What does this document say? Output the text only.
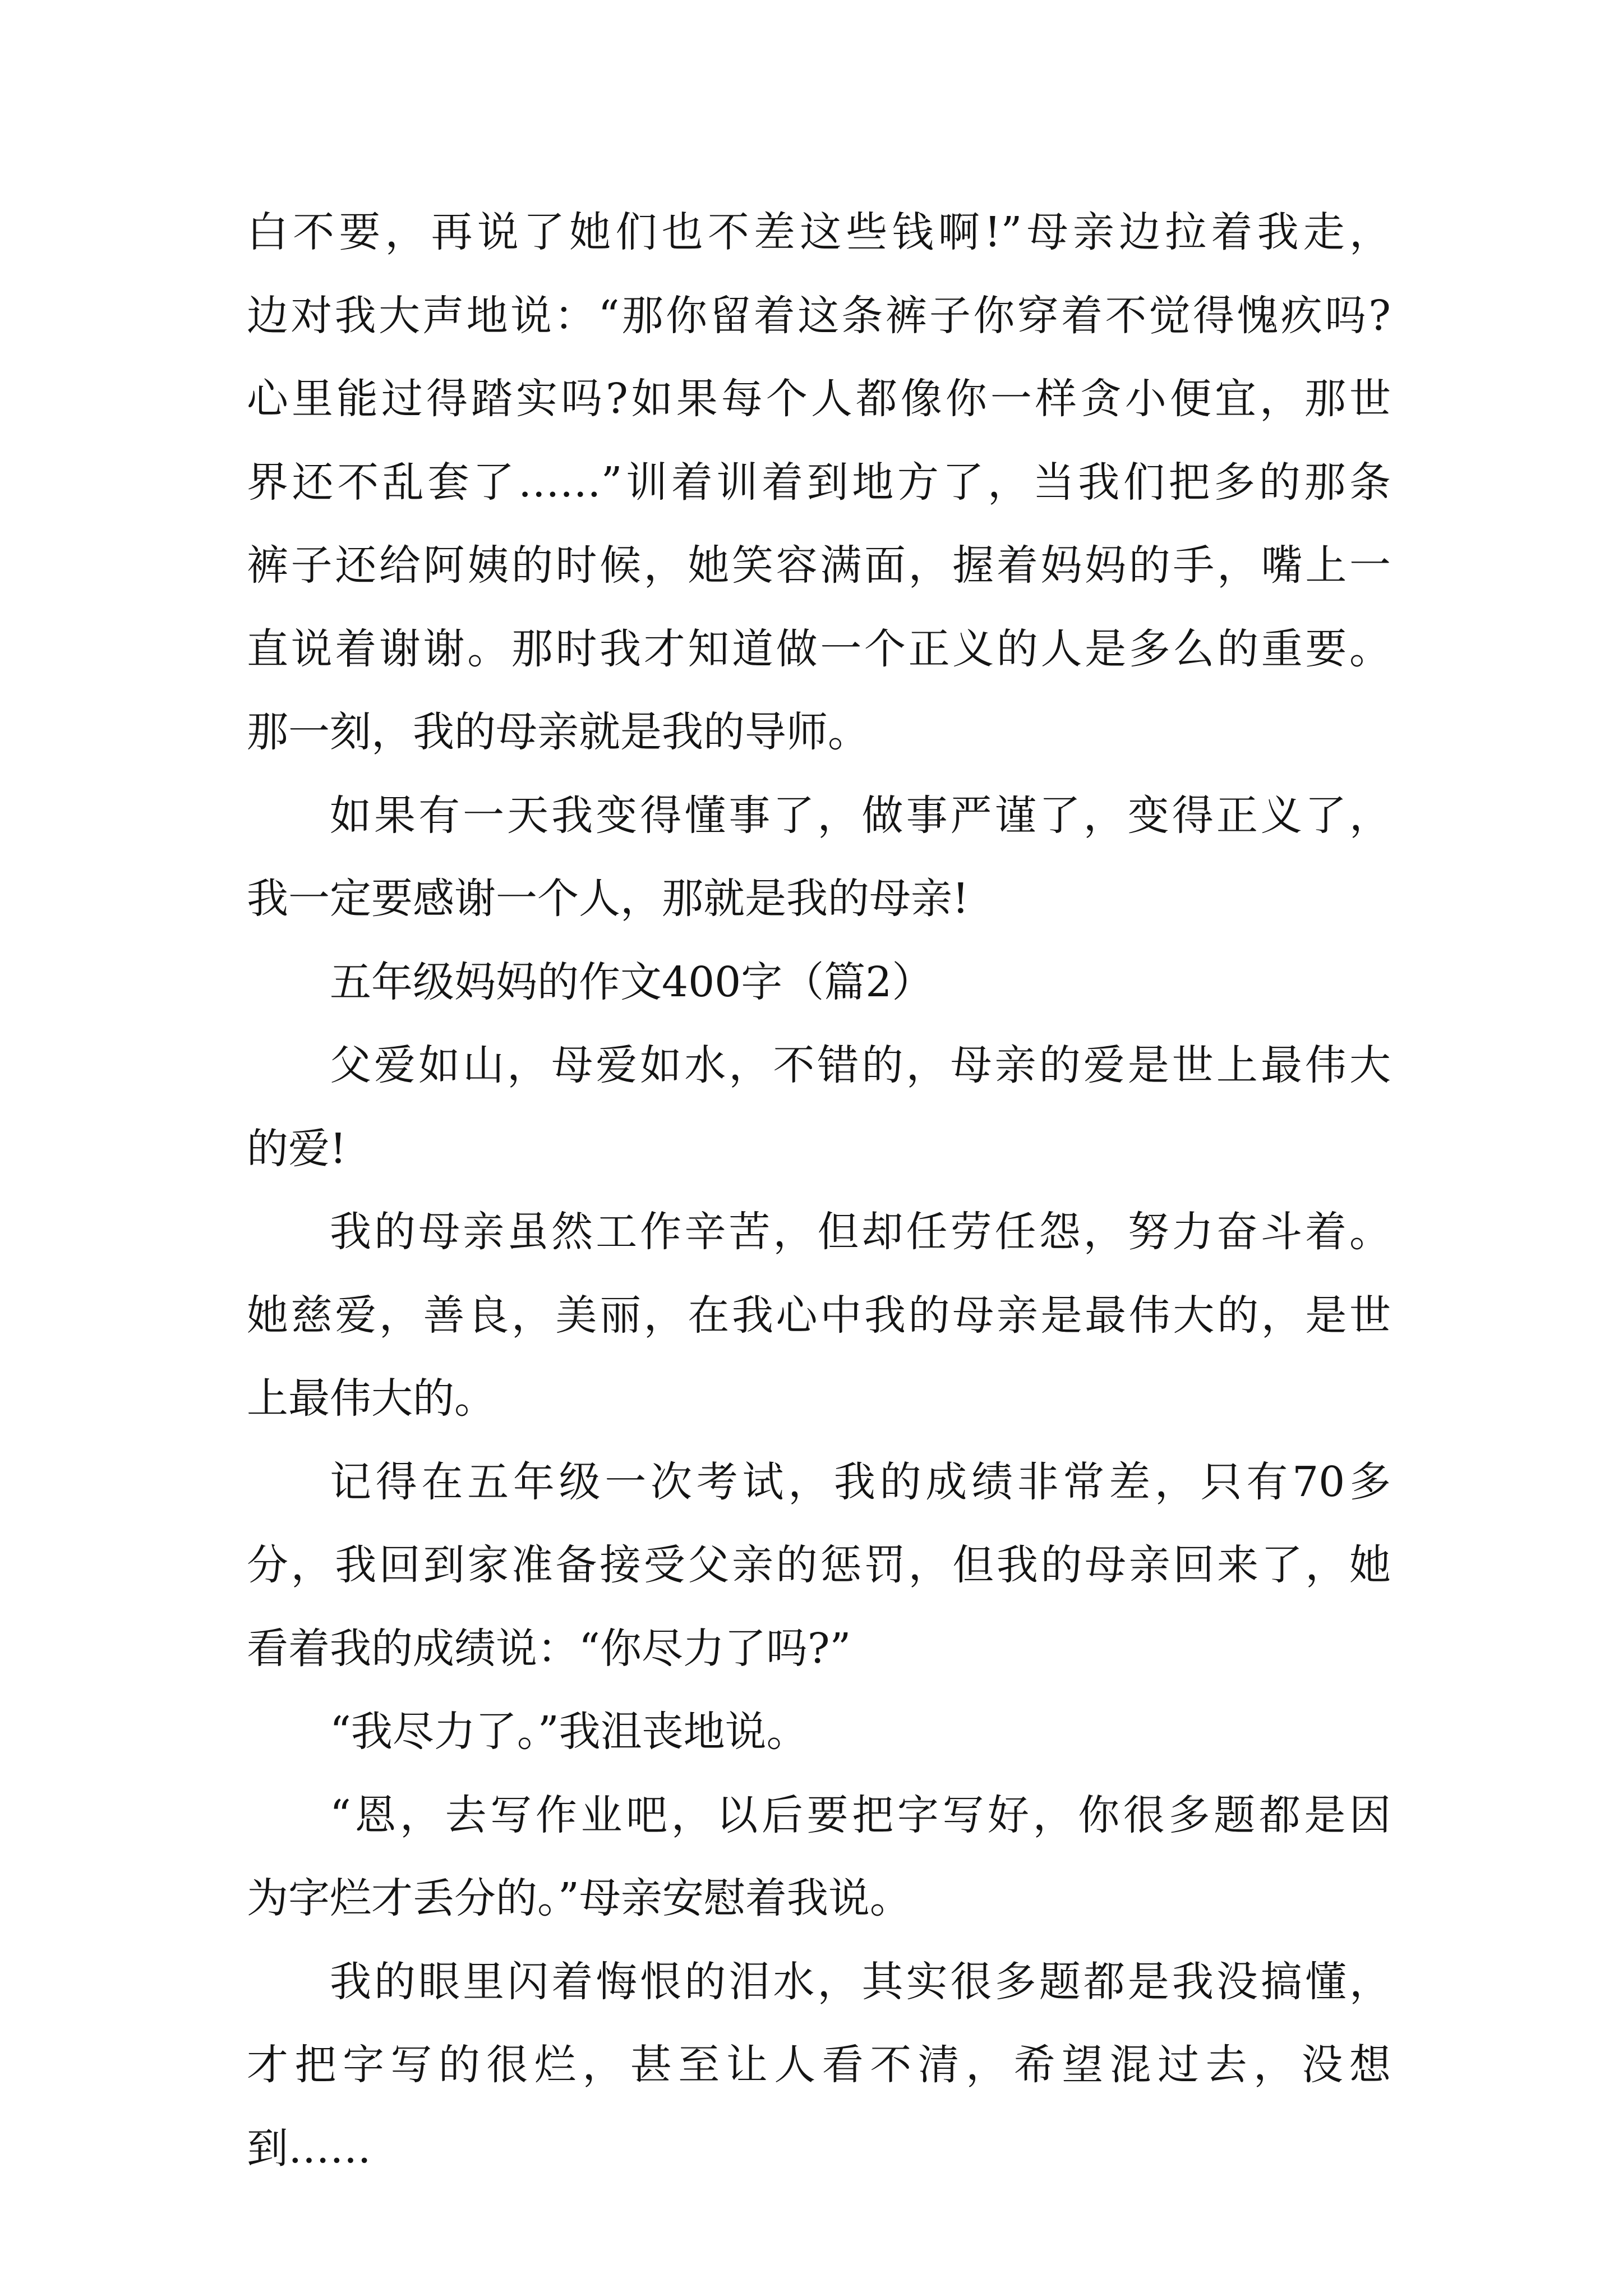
白不要，再说了她们也不差这些钱啊!”母亲边拉着我走，
边对我大声地说：“那你留着这条裤子你穿着不觉得愧疚吗?
心里能过得踏实吗?如果每个人都像你一样贪小便宜，那世
界还不乱套了……”训着训着到地方了，当我们把多的那条
裤子还给阿姨的时候，她笑容满面，握着妈妈的手，嘴上一
直说着谢谢。那时我才知道做一个正义的人是多么的重要。
那一刻，我的母亲就是我的导师。
如果有一天我变得懂事了，做事严谨了，变得正义了，
我一定要感谢一个人，那就是我的母亲!
五年级妈妈的作文400字（篇2）
父爱如山，母爱如水，不错的，母亲的爱是世上最伟大
的爱!
我的母亲虽然工作辛苦，但却任劳任怨，努力奋斗着。
她慈爱，善良，美丽，在我心中我的母亲是最伟大的，是世
上最伟大的。
记得在五年级一次考试，我的成绩非常差，只有70多
分，我回到家准备接受父亲的惩罚，但我的母亲回来了，她
看着我的成绩说：“你尽力了吗?”
“我尽力了。”我沮丧地说。
“恩，去写作业吧，以后要把字写好，你很多题都是因
为字烂才丢分的。”母亲安慰着我说。
我的眼里闪着悔恨的泪水，其实很多题都是我没搞懂，
才把字写的很烂，甚至让人看不清，希望混过去，没想
到……
